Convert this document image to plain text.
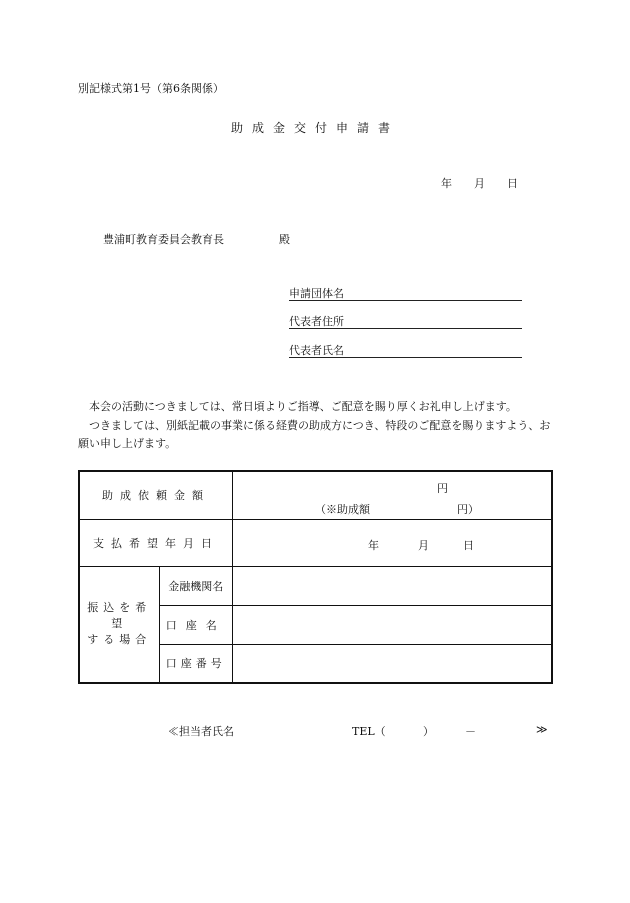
別記様式第1号（第6条関係）
助成金交付申請書
年 月 日
豊浦町教育委員会教育長	殿
申請団体名
代表者住所
代表者氏名

本会の活動につきましては、常日頃よりご指導、ご配意を賜り厚くお礼申し上げます。

つきましては、別紙記載の事業に係る経費の助成方につき、特段のご配意を賜りますよう、お願い申し上げます。

助成依頼金額		円
（※助成額 円）

支払希望年月日		年 月 日

振込を希望
する場合	金融機関名	
	口座名	
	口座番号	
≪担当者氏名	TEL（	）	－	≫
